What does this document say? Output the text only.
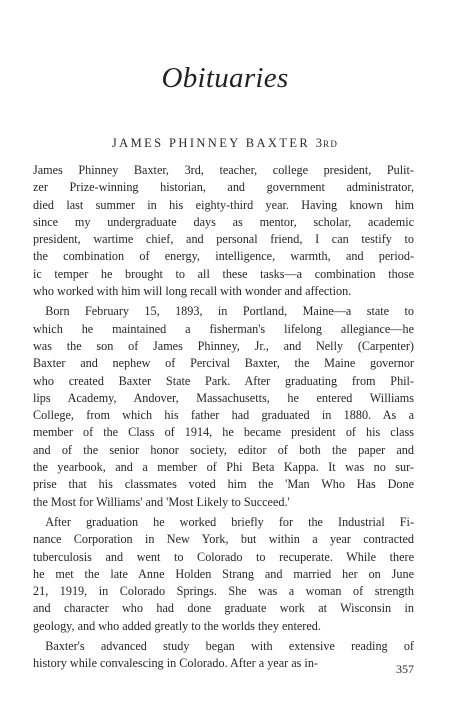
Obituaries
JAMES PHINNEY BAXTER 3rd
James Phinney Baxter, 3rd, teacher, college president, Pulit-
zer Prize-winning historian, and government administrator,
died last summer in his eighty-third year. Having known him
since my undergraduate days as mentor, scholar, academic
president, wartime chief, and personal friend, I can testify to
the combination of energy, intelligence, warmth, and period-
ic temper he brought to all these tasks—a combination those
who worked with him will long recall with wonder and affection.
 Born February 15, 1893, in Portland, Maine—a state to
which he maintained a fisherman's lifelong allegiance—he
was the son of James Phinney, Jr., and Nelly (Carpenter)
Baxter and nephew of Percival Baxter, the Maine governor
who created Baxter State Park. After graduating from Phil-
lips Academy, Andover, Massachusetts, he entered Williams
College, from which his father had graduated in 1880. As a
member of the Class of 1914, he became president of his class
and of the senior honor society, editor of both the paper and
the yearbook, and a member of Phi Beta Kappa. It was no sur-
prise that his classmates voted him the 'Man Who Has Done
the Most for Williams' and 'Most Likely to Succeed.'
 After graduation he worked briefly for the Industrial Fi-
nance Corporation in New York, but within a year contracted
tuberculosis and went to Colorado to recuperate. While there
he met the late Anne Holden Strang and married her on June
21, 1919, in Colorado Springs. She was a woman of strength
and character who had done graduate work at Wisconsin in
geology, and who added greatly to the worlds they entered.
 Baxter's advanced study began with extensive reading of
history while convalescing in Colorado. After a year as in-	357
